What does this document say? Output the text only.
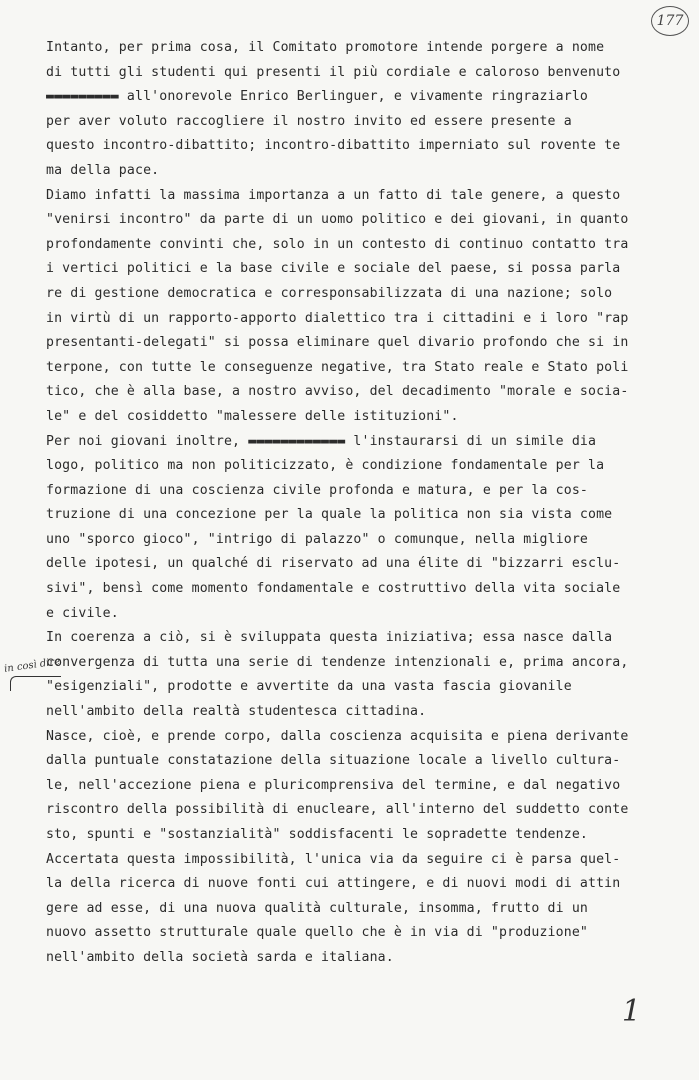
177
Intanto, per prima cosa, il Comitato promotore intende porgere a nome
di tutti gli studenti qui presenti il più cordiale e caloroso benvenuto
▬▬▬▬▬▬▬▬▬ all'onorevole Enrico Berlinguer, e vivamente ringraziarlo
per aver voluto raccogliere il nostro invito ed essere presente a
questo incontro-dibattito; incontro-dibattito imperniato sul rovente te
ma della pace.
Diamo infatti la massima importanza a un fatto di tale genere, a questo
"venirsi incontro" da parte di un uomo politico e dei giovani, in quanto
profondamente convinti che, solo in un contesto di continuo contatto tra
i vertici politici e la base civile e sociale del paese, si possa parla
re di gestione democratica e corresponsabilizzata di una nazione; solo
in virtù di un rapporto-apporto dialettico tra i cittadini e i loro "rap
presentanti-delegati" si possa eliminare quel divario profondo che si in
terpone, con tutte le conseguenze negative, tra Stato reale e Stato poli
tico, che è alla base, a nostro avviso, del decadimento "morale e socia-
le" e del cosiddetto "malessere delle istituzioni".
Per noi giovani inoltre, ▬▬▬▬▬▬▬▬▬▬▬▬ l'instaurarsi di un simile dia
logo, politico ma non politicizzato, è condizione fondamentale per la
formazione di una coscienza civile profonda e matura, e per la cos-
truzione di una concezione per la quale la politica non sia vista come
uno "sporco gioco", "intrigo di palazzo" o comunque, nella migliore
delle ipotesi, un qualché di riservato ad una élite di "bizzarri esclu-
sivi", bensì come momento fondamentale e costruttivo della vita sociale
e civile.
In coerenza a ciò, si è sviluppata questa iniziativa; essa nasce dalla
convergenza di tutta una serie di tendenze intenzionali e, prima ancora,
"esigenziali", prodotte e avvertite da una vasta fascia giovanile
nell'ambito della realtà studentesca cittadina.
Nasce, cioè, e prende corpo, dalla coscienza acquisita e piena derivante
dalla puntuale constatazione della situazione locale a livello cultura-
le, nell'accezione piena e pluricomprensiva del termine, e dal negativo
riscontro della possibilità di enucleare, all'interno del suddetto conte
sto, spunti e "sostanzialità" soddisfacenti le sopradette tendenze.
Accertata questa impossibilità, l'unica via da seguire ci è parsa quel-
la della ricerca di nuove fonti cui attingere, e di nuovi modi di attin
gere ad esse, di una nuova qualità culturale, insomma, frutto di un
nuovo assetto strutturale quale quello che è in via di "produzione"
nell'ambito della società sarda e italiana.
in così dire
1
